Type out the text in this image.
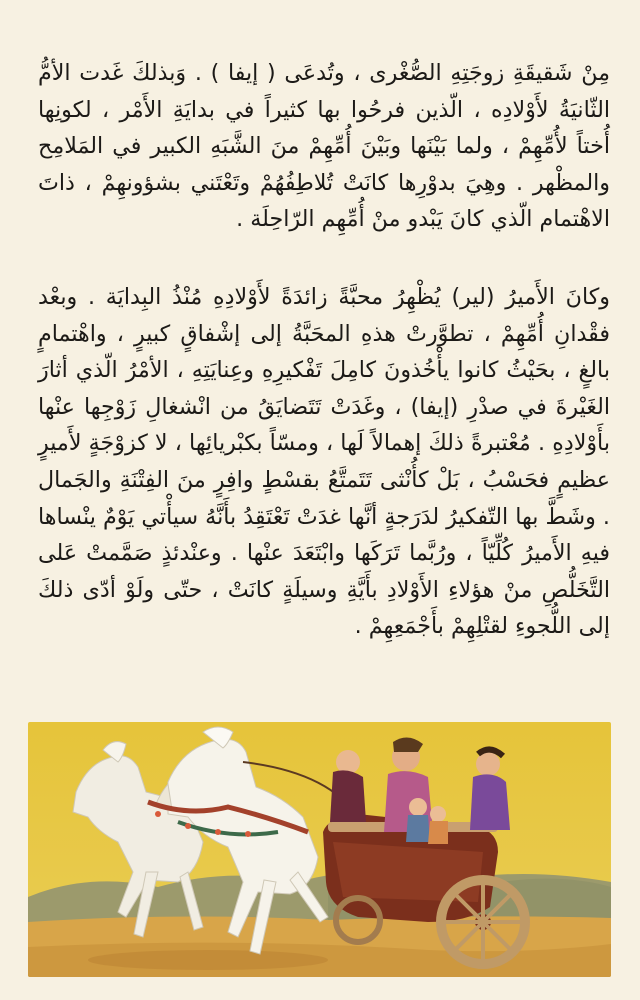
مِنْ شَقيقَةِ زوجَتِهِ الصُّغْرى ، وتُدعَى ( إيفا ) . وَبذلكَ غَدت الأمُّ الثّانيَةُ لأَوْلادِه ، الّذين فرحُوا بها كثيراً في بدايَةِ الأَمْر ، لكونِها أُختاً لأُمِّهِمْ ، ولما بَيْنَها وبَيْنَ أُمِّهِمْ منَ الشَّبَهِ الكبير في المَلامِح والمظْهر . وهِيَ بدوْرِها كانَتْ تُلاطِفُهُمْ وتَعْتَني بشؤونهِمْ ، ذاتَ الاهْتمام الّذي كانَ يَبْدو منْ أُمِّهِم الرّاحِلَة .

وكانَ الأَميرُ (لير) يُظْهِرُ محبَّةً زائدَةً لأَوْلادِهِ مُنْذُ البِدايَة . وبعْد فقْدانِ أُمِّهِمْ ، تطوَّرتْ هذهِ المحَبَّةُ إلى إشْفاقٍ كبيرٍ ، واهْتمامٍ بالغٍ ، بحَيْثُ كانوا يأْخُذونَ كامِلَ تَفْكيرِهِ وعِنايَتِهِ ، الأمْرُ الّذي أثارَ الغَيْرةَ في صدْرِ (إيفا) ، وغَدَتْ تَتَضايَقُ من انْشغالِ زَوْجِها عنْها بأَوْلادِهِ . مُعْتبرةً ذلكَ إهمالاً لَها ، ومسّاً بكبْريائِها ، لا كزوْجَةٍ لأَميرٍ عظيمٍ فحَسْبُ ، بَلْ كأُنْثى تَتَمتَّعُ بقسْطٍ وافِرٍ منَ الفِتْنَةِ والجَمال . وشَطَّ بها التّفكيرُ لدَرَجةٍ أنَّها غدَتْ تَعْتَقِدُ بأَنَّهُ سيأْتي يَوْمٌ ينْساها فيهِ الأَميرُ كُلِّيّاً ، ورُبَّما تَرَكَها وابْتَعَدَ عنْها . وعنْدئذٍ صَمَّمتْ عَلى التَّخَلُّصِ منْ هؤلاءِ الأَوْلادِ بأَيَّةِ وسيلَةٍ كانَتْ ، حتّى ولَوْ أدّى ذلكَ إلى اللُّجوءِ لقتْلِهِمْ بأَجْمَعِهِمْ .
